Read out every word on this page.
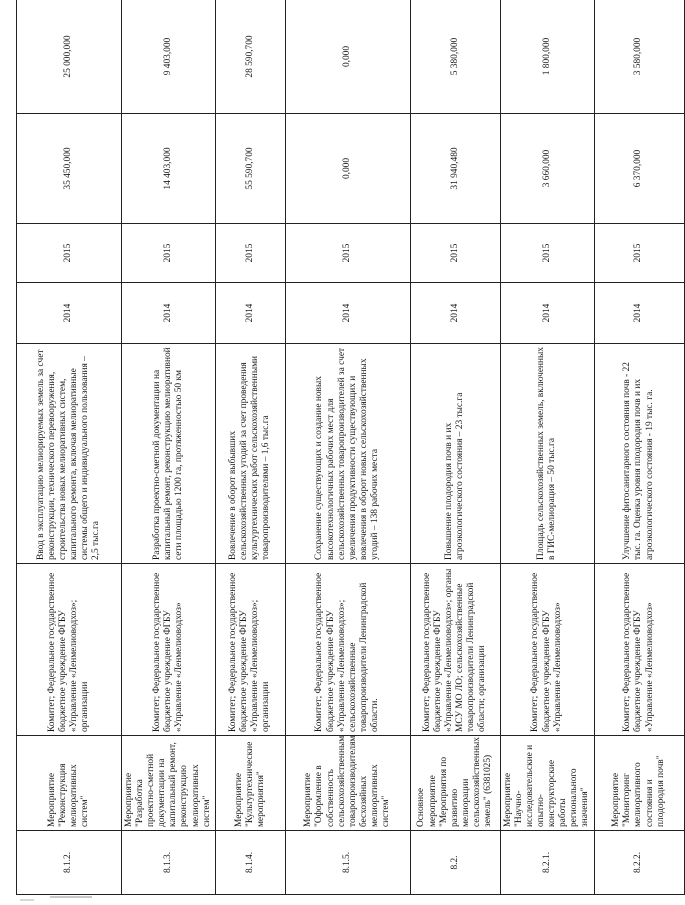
8.1.2.	Мероприятие "Реконструкция мелиоративных систем"	Комитет; Федеральное государственное бюджетное учреждение ФГБУ «Управление «Ленмелиоводхоз»; организации	Ввод в эксплуатацию мелиорируемых земель за счет реконструкции, технического перевооружения, строительства новых мелиоративных систем, капитального ремонта, включая мелиоративные системы общего и индивидуального пользования – 2,5 тыс.га	2014	2015	35 450,000	25 000,000
8.1.3.	Мероприятие "Разработка проектно-сметной документации на капитальный ремонт, реконструкцию мелиоративных систем"	Комитет; Федеральное государственное бюджетное учреждение ФГБУ «Управление «Ленмелиоводхоз»	Разработка проектно-сметной документации на капитальный ремонт, реконструкцию мелиоративной сети площадью 1200 га, протяженностью 50 км	2014	2015	14 403,000	9 403,000
8.1.4.	Мероприятие "Культуртехнические мероприятия"	Комитет; Федеральное государственное бюджетное учреждение ФГБУ «Управление «Ленмелиоводхоз»; организации	Вовлечение в оборот выбывших сельскохозяйственных угодий за счет проведения культуртехнических работ сельскохозяйственными товаропроизводителями – 1,6 тыс.га	2014	2015	55 590,700	28 590,700
8.1.5.	Мероприятие "Оформление в собственность сельскохозяйственным товаропроизводителям бесхозяйных мелиоративных систем"	Комитет; Федеральное государственное бюджетное учреждение ФГБУ «Управление «Ленмелиоводхоз»; сельскохозяйственные товаропроизводители Ленинградской области.	Сохранение существующих и создание новых высокотехнологичных рабочих мест для сельскохозяйственных товаропроизводителей за счет увеличения продуктивности существующих и вовлечения в оборот новых сельскохозяйственных угодий – 138 рабочих места	2014	2015	0,000	0,000
8.2.	Основное мероприятие "Мероприятия по развитию мелиорации сельскохозяйственных земель" (6381025)	Комитет; Федеральное государственное бюджетное учреждение ФГБУ «Управление «Ленмелиоводхоз»; органы МСУ МО ЛО; сельскохозяйственные товаропроизводители Ленинградской области; организации	Повышение плодородия почв и их агроэкологического состояния – 23 тыс.га	2014	2015	31 940,480	5 380,000
8.2.1.	Мероприятие "Научно-исследовательские и опытно-конструкторские работы регионального значения"	Комитет; Федеральное государственное бюджетное учреждение ФГБУ «Управление «Ленмелиоводхоз»	Площадь сельскохозяйственных земель, включенных в ГИС-мелиорация – 50 тыс.га	2014	2015	3 660,000	1 800,000
8.2.2.	Мероприятие "Мониторинг мелиоративного состояния и плодородия почв"	Комитет; Федеральное государственное бюджетное учреждение ФГБУ «Управление «Ленмелиоводхоз»	Улучшение фитосанитарного состояния почв - 22 тыс. га. Оценка уровня плодородия почв и их агроэкологического состояния - 19 тыс. га.	2014	2015	6 370,000	3 580,000
